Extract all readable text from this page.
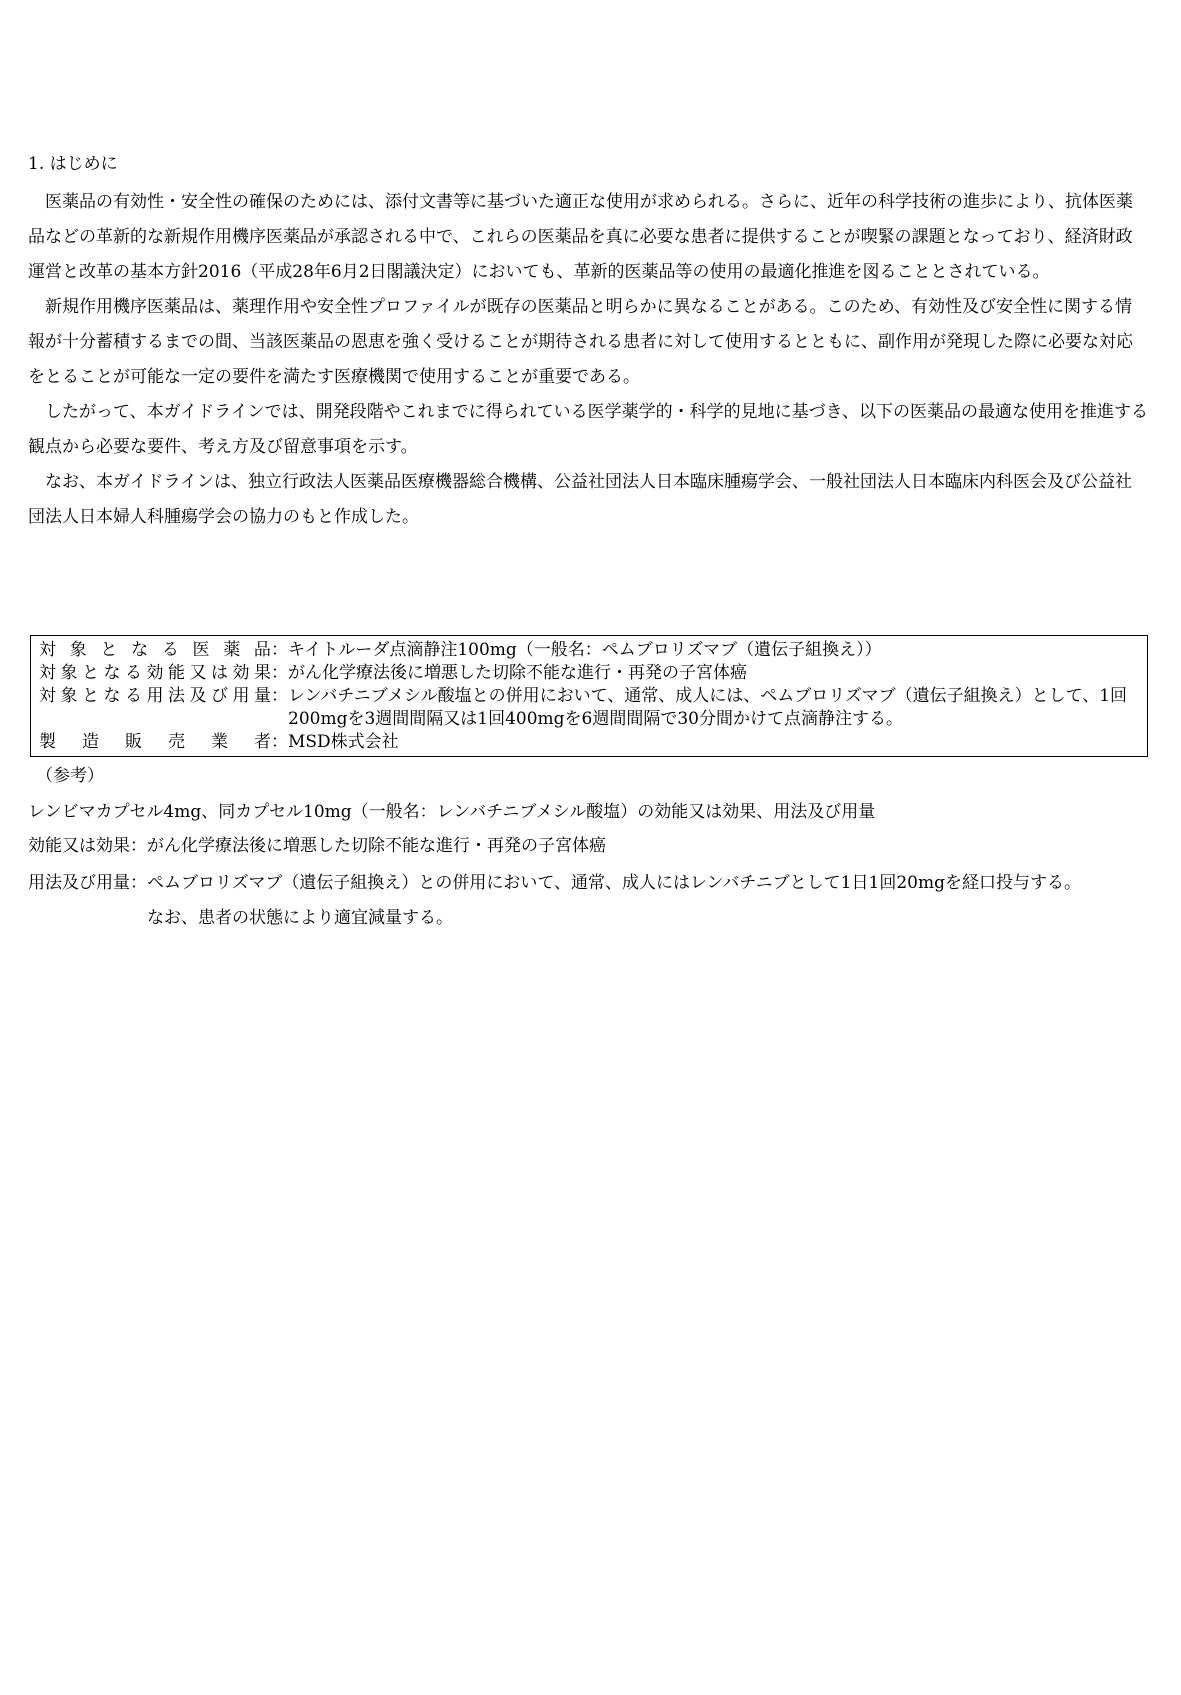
1. はじめに

医薬品の有効性・安全性の確保のためには、添付文書等に基づいた適正な使用が求められる。さらに、近年の科学技術の進歩により、抗体医薬品などの革新的な新規作用機序医薬品が承認される中で、これらの医薬品を真に必要な患者に提供することが喫緊の課題となっており、経済財政運営と改革の基本方針2016（平成28年6月2日閣議決定）においても、革新的医薬品等の使用の最適化推進を図ることとされている。

新規作用機序医薬品は、薬理作用や安全性プロファイルが既存の医薬品と明らかに異なることがある。このため、有効性及び安全性に関する情報が十分蓄積するまでの間、当該医薬品の恩恵を強く受けることが期待される患者に対して使用するとともに、副作用が発現した際に必要な対応をとることが可能な一定の要件を満たす医療機関で使用することが重要である。

したがって、本ガイドラインでは、開発段階やこれまでに得られている医学薬学的・科学的見地に基づき、以下の医薬品の最適な使用を推進する観点から必要な要件、考え方及び留意事項を示す。

なお、本ガイドラインは、独立行政法人医薬品医療機器総合機構、公益社団法人日本臨床腫瘍学会、一般社団法人日本臨床内科医会及び公益社団法人日本婦人科腫瘍学会の協力のもと作成した。

対 象 と な る 医 薬 品 ： キイトルーダ点滴静注100mg（一般名：ペムブロリズマブ（遺伝子組換え））
対 象 と な る 効 能 又 は 効 果 ： がん化学療法後に増悪した切除不能な進行・再発の子宮体癌
対 象 と な る 用 法 及 び 用 量 ： レンバチニブメシル酸塩との併用において、通常、成人には、ペムブロリズマブ（遺伝子組換え）として、1回200mgを3週間間隔又は1回400mgを6週間間隔で30分間かけて点滴静注する。
製 造 販 売 業 者 ： MSD株式会社
（参考）
レンビマカプセル4mg、同カプセル10mg（一般名：レンバチニブメシル酸塩）の効能又は効果、用法及び用量
効能又は効果：がん化学療法後に増悪した切除不能な進行・再発の子宮体癌
用法及び用量： ペムブロリズマブ（遺伝子組換え）との併用において、通常、成人にはレンバチニブとして1日1回20mgを経口投与する。
なお、患者の状態により適宜減量する。
